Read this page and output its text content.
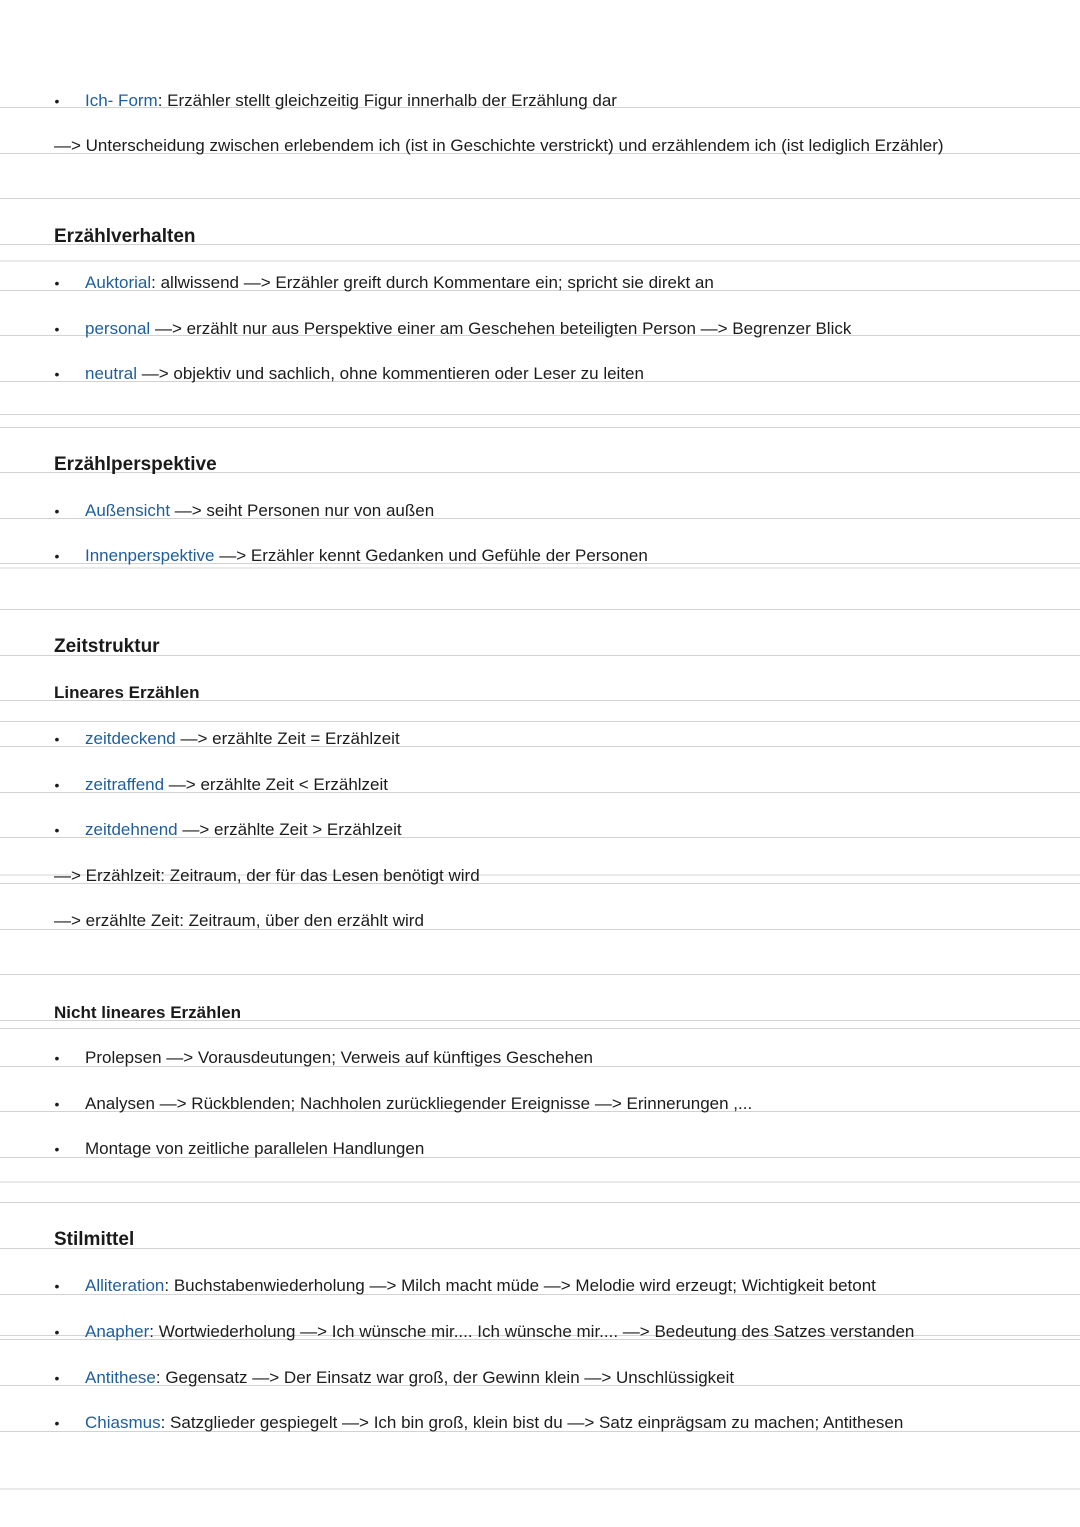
• Ich- Form: Erzähler stellt gleichzeitig Figur innerhalb der Erzählung dar
—> Unterscheidung zwischen erlebendem ich (ist in Geschichte verstrickt) und erzählendem ich (ist lediglich Erzähler)
Erzählverhalten
• Auktorial: allwissend —> Erzähler greift durch Kommentare ein; spricht sie direkt an
• personal —> erzählt nur aus Perspektive einer am Geschehen beteiligten Person —> Begrenzer Blick
• neutral —> objektiv und sachlich, ohne kommentieren oder Leser zu leiten
Erzählperspektive
• Außensicht —> seiht Personen nur von außen
• Innenperspektive —> Erzähler kennt Gedanken und Gefühle der Personen
Zeitstruktur
Lineares Erzählen
• zeitdeckend —> erzählte Zeit = Erzählzeit
• zeitraffend —> erzählte Zeit < Erzählzeit
• zeitdehnend —> erzählte Zeit > Erzählzeit
—> Erzählzeit: Zeitraum, der für das Lesen benötigt wird
—> erzählte Zeit: Zeitraum, über den erzählt wird
Nicht lineares Erzählen
• Prolepsen —> Vorausdeutungen; Verweis auf künftiges Geschehen
• Analysen —> Rückblenden; Nachholen zurückliegender Ereignisse —> Erinnerungen ,...
• Montage von zeitliche parallelen Handlungen
Stilmittel
• Alliteration: Buchstabenwiederholung —> Milch macht müde —> Melodie wird erzeugt; Wichtigkeit betont
• Anapher: Wortwiederholung —> Ich wünsche mir.... Ich wünsche mir.... —> Bedeutung des Satzes verstanden
• Antithese: Gegensatz —> Der Einsatz war groß, der Gewinn klein —> Unschlüssigkeit
• Chiasmus: Satzglieder gespiegelt —> Ich bin groß, klein bist du —> Satz einprägsam zu machen; Antithesen
